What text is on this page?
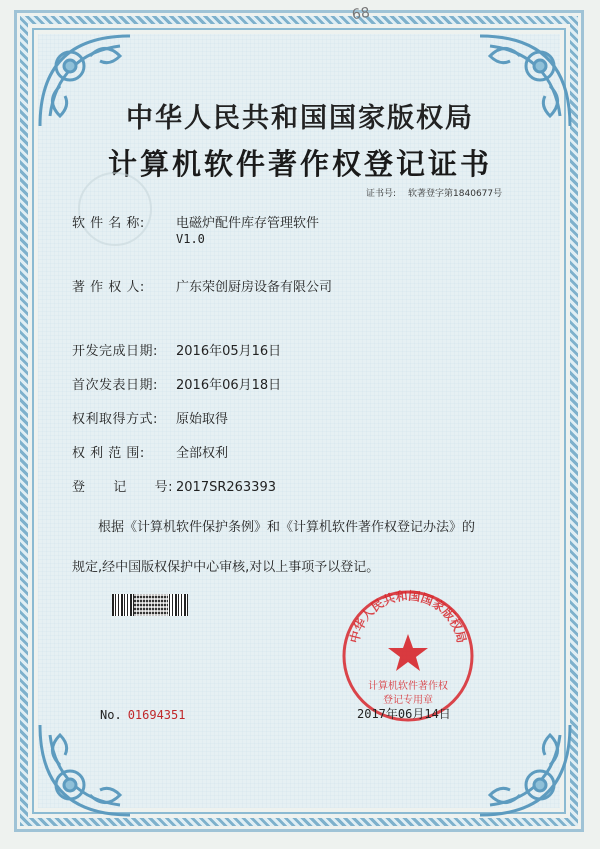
68
中华人民共和国国家版权局
计算机软件著作权登记证书
证书号: 软著登字第1840677号
软 件 名 称: 电磁炉配件库存管理软件
V1.0
著 作 权 人: 广东荣创厨房设备有限公司
开发完成日期: 2016年05月16日
首次发表日期: 2016年06月18日
权利取得方式: 原始取得
权 利 范 围: 全部权利
登      记      号: 2017SR263393

根据《计算机软件保护条例》和《计算机软件著作权登记办法》的

规定,经中国版权保护中心审核,对以上事项予以登记。

中华人民共和国国家版权局
计算机软件著作权
登记专用章
No. 01694351	2017年06月14日
